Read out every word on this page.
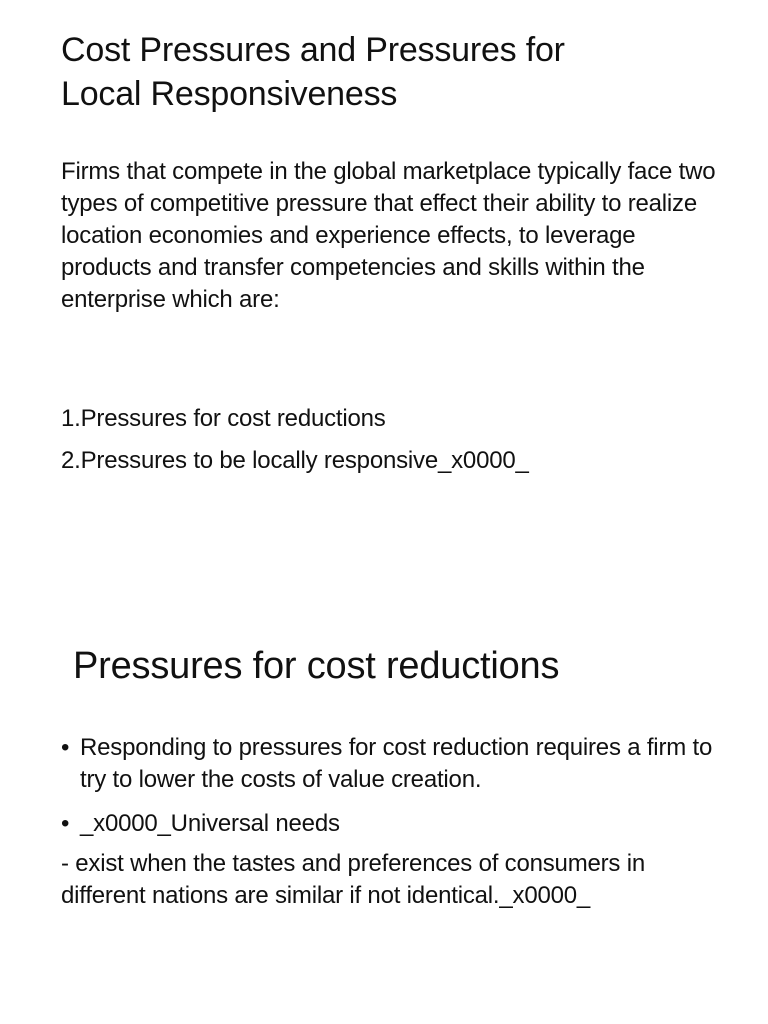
Cost Pressures and Pressures for
Local Responsiveness

Firms that compete in the global marketplace typically face two types of competitive pressure that effect their ability to realize location economies and experience effects, to leverage products and transfer competencies and skills within the enterprise which are:

1.Pressures for cost reductions
2.Pressures to be locally responsive_x0000_
Pressures for cost reductions
• Responding to pressures for cost reduction requires a firm to try to lower the costs of value creation.
• _x0000_Universal needs

- exist when the tastes and preferences of consumers in different nations are similar if not identical._x0000_
